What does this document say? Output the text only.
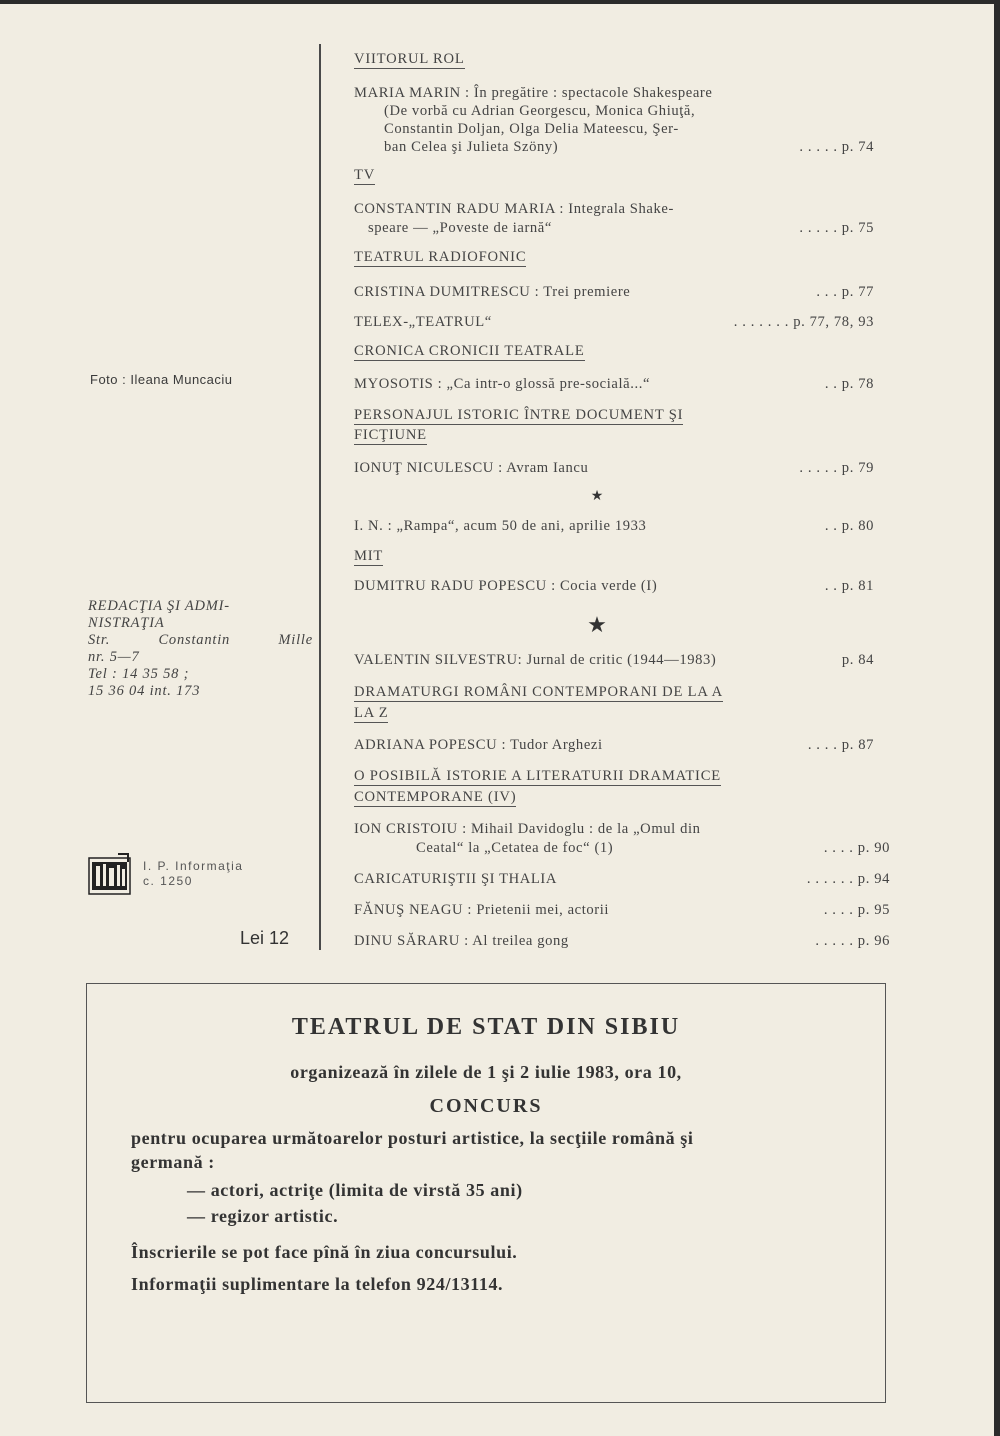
Foto : Ileana Muncaciu
REDACŢIA ŞI ADMI-
NISTRAŢIA
Str.	Constantin	Mille
nr. 5—7
Tel : 14 35 58 ;
15 36 04 int. 173
I. P. Informaţia
c. 1250
Lei 12
VIITORUL ROL
MARIA MARIN : În pregătire : spectacole Shakespeare
(De vorbă cu Adrian Georgescu, Monica Ghiuţă,
Constantin Doljan, Olga Delia Mateescu, Şer-
ban Celea şi Julieta Szöny)	. . . . . p. 74
TV
CONSTANTIN RADU MARIA : Integrala Shake-
speare — „Poveste de iarnă“	. . . . . p. 75
TEATRUL RADIOFONIC
CRISTINA DUMITRESCU : Trei premiere	. . . p. 77
TELEX-„TEATRUL“	. . . . . . . p. 77, 78, 93
CRONICA CRONICII TEATRALE
MYOSOTIS : „Ca intr-o glossă pre-socială...“	. . p. 78
PERSONAJUL ISTORIC ÎNTRE DOCUMENT ŞI
FICŢIUNE
IONUŢ NICULESCU : Avram Iancu	. . . . . p. 79
★
I. N. : „Rampa“, acum 50 de ani, aprilie 1933	. . p. 80
MIT
DUMITRU RADU POPESCU : Cocia verde (I)	. . p. 81
★
VALENTIN SILVESTRU: Jurnal de critic (1944—1983)	p. 84
DRAMATURGI ROMÂNI CONTEMPORANI DE LA A
LA Z
ADRIANA POPESCU : Tudor Arghezi	. . . . p. 87
O POSIBILĂ ISTORIE A LITERATURII DRAMATICE
CONTEMPORANE (IV)
ION CRISTOIU : Mihail Davidoglu : de la „Omul din
Ceatal“ la „Cetatea de foc“ (1)	. . . . p. 90
CARICATURIŞTII ŞI THALIA	. . . . . . p. 94
FĂNUŞ NEAGU : Prietenii mei, actorii	. . . . p. 95
DINU SĂRARU : Al treilea gong	. . . . . p. 96
TEATRUL DE STAT DIN SIBIU
organizează în zilele de 1 şi 2 iulie 1983, ora 10,
CONCURS
pentru ocuparea următoarelor posturi artistice, la secţiile română şi
germană :
— actori, actriţe (limita de virstă 35 ani)
— regizor artistic.
Înscrierile se pot face pînă în ziua concursului.
Informaţii suplimentare la telefon 924/13114.
